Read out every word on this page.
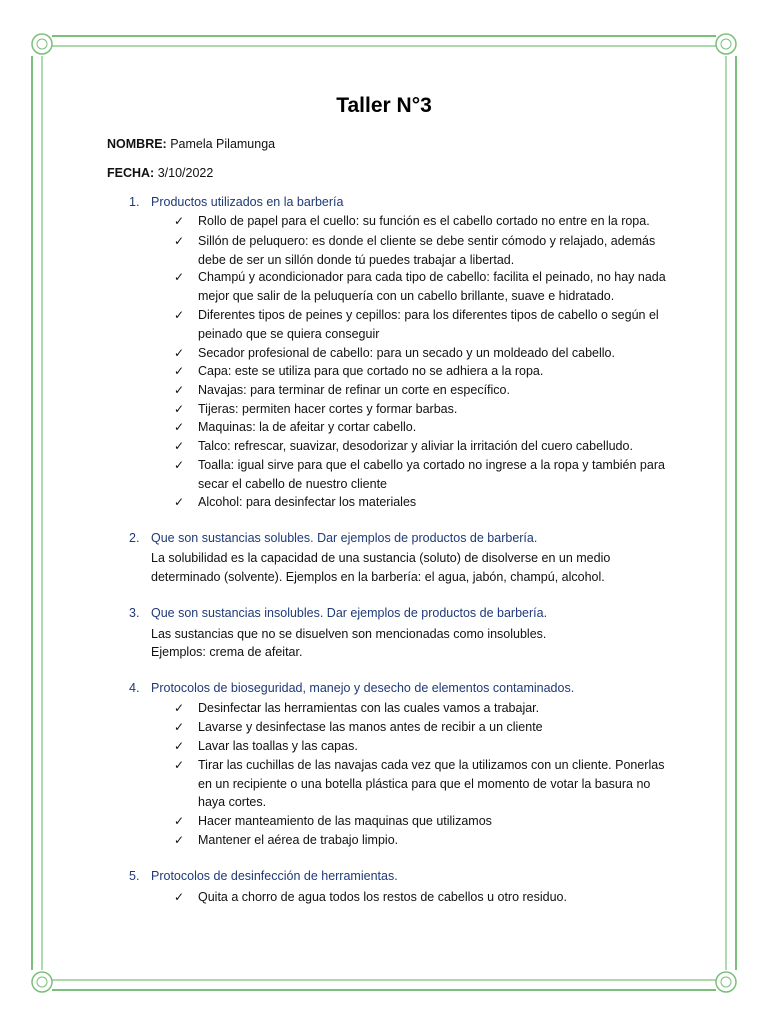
Taller N°3
NOMBRE: Pamela Pilamunga
FECHA: 3/10/2022
1. Productos utilizados en la barbería
✓	Rollo de papel para el cuello: su función es el cabello cortado no entre en la ropa.
✓	Sillón de peluquero: es donde el cliente se debe sentir cómodo y relajado, además debe de ser un sillón donde tú puedes trabajar a libertad.
✓	Champú y acondicionador para cada tipo de cabello: facilita el peinado, no hay nada mejor que salir de la peluquería con un cabello brillante, suave e hidratado.
✓	Diferentes tipos de peines y cepillos: para los diferentes tipos de cabello o según el peinado que se quiera conseguir
✓	Secador profesional de cabello: para un secado y un moldeado del cabello.
✓	Capa: este se utiliza para que cortado no se adhiera a la ropa.
✓	Navajas: para terminar de refinar un corte en específico.
✓	Tijeras: permiten hacer cortes y formar barbas.
✓	Maquinas: la de afeitar y cortar cabello.
✓	Talco: refrescar, suavizar, desodorizar y aliviar la irritación del cuero cabelludo.
✓	Toalla: igual sirve para que el cabello ya cortado no ingrese a la ropa y también para secar el cabello de nuestro cliente
✓	Alcohol: para desinfectar los materiales
2. Que son sustancias solubles. Dar ejemplos de productos de barbería.
La solubilidad es la capacidad de una sustancia (soluto) de disolverse en un medio determinado (solvente). Ejemplos en la barbería: el agua, jabón, champú, alcohol.
3. Que son sustancias insolubles. Dar ejemplos de productos de barbería.
Las sustancias que no se disuelven son mencionadas como insolubles.
Ejemplos: crema de afeitar.
4. Protocolos de bioseguridad, manejo y desecho de elementos contaminados.
✓	Desinfectar las herramientas con las cuales vamos a trabajar.
✓	Lavarse y desinfectase las manos antes de recibir a un cliente
✓	Lavar las toallas y las capas.
✓	Tirar las cuchillas de las navajas cada vez que la utilizamos con un cliente. Ponerlas en un recipiente o una botella plástica para que el momento de votar la basura no haya cortes.
✓	Hacer manteamiento de las maquinas que utilizamos
✓	Mantener el aérea de trabajo limpio.
5. Protocolos de desinfección de herramientas.
✓	Quita a chorro de agua todos los restos de cabellos u otro residuo.
